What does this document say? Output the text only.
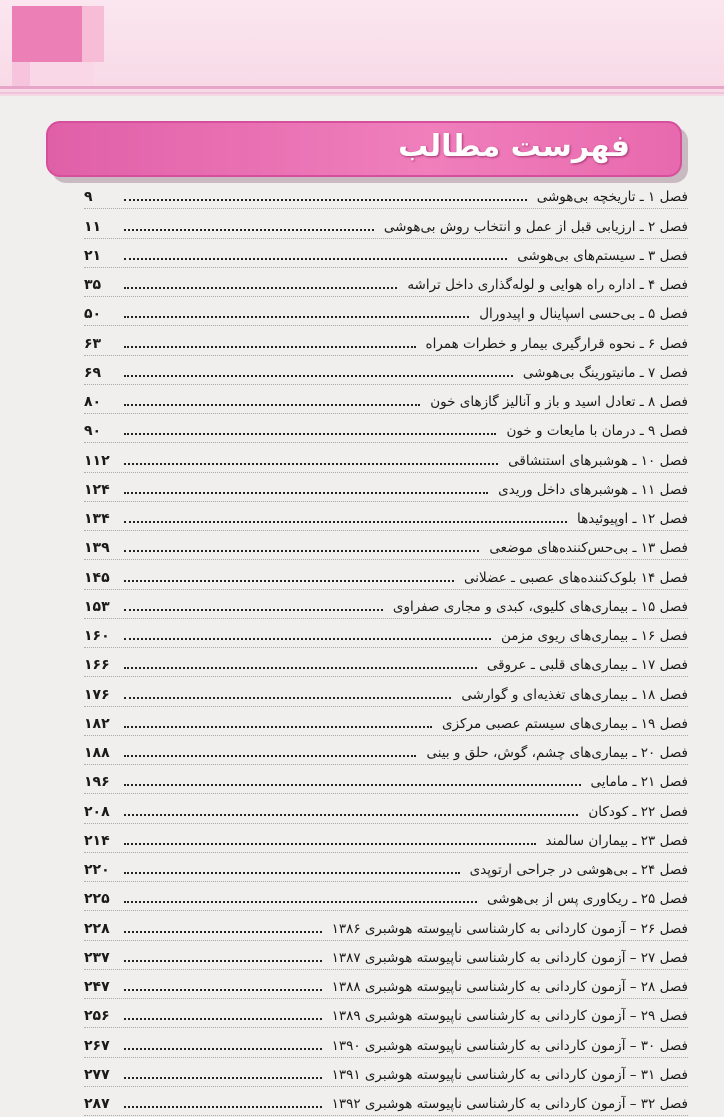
فهرست مطالب
فصل ۱ ـ تاریخچه بی‌هوشی
۹
فصل ۲ ـ ارزیابی قبل از عمل و انتخاب روش بی‌هوشی
۱۱
فصل ۳ ـ سیستم‌های بی‌هوشی
۲۱
فصل ۴ ـ اداره راه هوایی و لوله‌گذاری داخل تراشه
۳۵
فصل ۵ ـ بی‌حسی اسپاینال و اپیدورال
۵۰
فصل ۶ ـ نحوه قرارگیری بیمار و خطرات همراه
۶۳
فصل ۷ ـ مانیتورینگ بی‌هوشی
۶۹
فصل ۸ ـ تعادل اسید و باز و آنالیز گازهای خون
۸۰
فصل ۹ ـ درمان با مایعات و خون
۹۰
فصل ۱۰ ـ هوشبرهای استنشاقی
۱۱۲
فصل ۱۱ ـ هوشبرهای داخل وریدی
۱۲۴
فصل ۱۲ ـ اوپیوئیدها
۱۳۴
فصل ۱۳ ـ بی‌حس‌کننده‌های موضعی
۱۳۹
فصل ۱۴ بلوک‌کننده‌های عصبی ـ عضلانی
۱۴۵
فصل ۱۵ ـ بیماری‌های کلیوی، کبدی و مجاری صفراوی
۱۵۳
فصل ۱۶ ـ بیماری‌های ریوی مزمن
۱۶۰
فصل ۱۷ ـ بیماری‌های قلبی ـ عروقی
۱۶۶
فصل ۱۸ ـ بیماری‌های تغذیه‌ای و گوارشی
۱۷۶
فصل ۱۹ ـ بیماری‌های سیستم عصبی مرکزی
۱۸۲
فصل ۲۰ ـ بیماری‌های چشم، گوش، حلق و بینی
۱۸۸
فصل ۲۱ ـ مامایی
۱۹۶
فصل ۲۲ ـ کودکان
۲۰۸
فصل ۲۳ ـ بیماران سالمند
۲۱۴
فصل ۲۴ ـ بی‌هوشی در جراحی ارتوپدی
۲۲۰
فصل ۲۵ ـ ریکاوری پس از بی‌هوشی
۲۲۵
فصل ۲۶ – آزمون کاردانی به کارشناسی ناپیوسته هوشبری ۱۳۸۶
۲۲۸
فصل ۲۷ – آزمون کاردانی به کارشناسی ناپیوسته هوشبری ۱۳۸۷
۲۳۷
فصل ۲۸ – آزمون کاردانی به کارشناسی ناپیوسته هوشبری ۱۳۸۸
۲۴۷
فصل ۲۹ – آزمون کاردانی به کارشناسی ناپیوسته هوشبری ۱۳۸۹
۲۵۶
فصل ۳۰ – آزمون کاردانی به کارشناسی ناپیوسته هوشبری ۱۳۹۰
۲۶۷
فصل ۳۱ – آزمون کاردانی به کارشناسی ناپیوسته هوشبری ۱۳۹۱
۲۷۷
فصل ۳۲ – آزمون کاردانی به کارشناسی ناپیوسته هوشبری ۱۳۹۲
۲۸۷
